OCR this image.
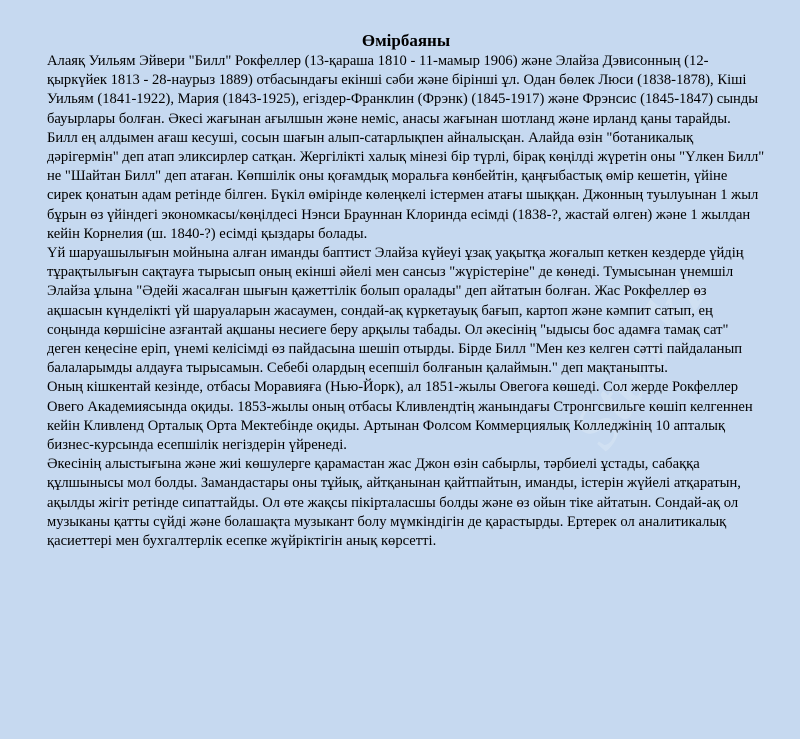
Stud.kz
Өмірбаяны

Алаяқ Уильям Эйвери "Билл" Рокфеллер (13-қараша 1810 - 11-мамыр 1906) және Элайза Дэвисонның (12-қыркүйек 1813 - 28-наурыз 1889) отбасындағы екінші сәби және бірінші ұл. Одан бөлек Люси (1838-1878), Кіші Уильям (1841-1922), Мария (1843-1925), егіздер-Франклин (Фрэнк) (1845-1917) және Фрэнсис (1845-1847) сынды бауырлары болған. Әкесі жағынан ағылшын және неміс, анасы жағынан шотланд және ирланд қаны тарайды. Билл ең алдымен ағаш кесуші, сосын шағын алып-сатарлықпен айналысқан. Алайда өзін "ботаникалық дәрігермін" деп атап эликсирлер сатқан. Жергілікті халық мінезі бір түрлі, бірақ көңілді жүретін оны "Үлкен Билл" не "Шайтан Билл" деп атаған. Көпшілік оны қоғамдық моральға көнбейтін, қаңғыбастық өмір кешетін, үйіне сирек қонатын адам ретінде білген. Бүкіл өмірінде көлеңкелі істермен атағы шыққан. Джонның туылуынан 1 жыл бұрын өз үйіндегі экономкасы/көңілдесі Нэнси Брауннан Клоринда есімді (1838-?, жастай өлген) және 1 жылдан кейін Корнелия (ш. 1840-?) есімді қыздары болады.

Үй шаруашылығын мойнына алған иманды баптист Элайза күйеуі ұзақ уақытқа жоғалып кеткен кездерде үйдің тұрақтылығын сақтауға тырысып оның екінші әйелі мен сансыз "жүрістеріне" де көнеді. Тумысынан үнемшіл Элайза ұлына "Әдейі жасалған шығын қажеттілік болып оралады" деп айтатын болған. Жас Рокфеллер өз ақшасын күнделікті үй шаруаларын жасаумен, сондай-ақ күркетауық бағып, картоп және кәмпит сатып, ең соңында көршісіне азғантай ақшаны несиеге беру арқылы табады. Ол әкесінің "ыдысы бос адамға тамақ сат" деген кеңесіне еріп, үнемі келісімді өз пайдасына шешіп отырды. Бірде Билл "Мен кез келген сәтті пайдаланып балаларымды алдауға тырысамын. Себебі олардың есепшіл болғанын қалаймын." деп мақтаныпты.

Оның кішкентай кезінде, отбасы Моравияға (Нью-Йорк), ал 1851-жылы Овегоға көшеді. Сол жерде Рокфеллер Овего Академиясында оқиды. 1853-жылы оның отбасы Кливлендтің жанындағы Стронгсвильге көшіп келгеннен кейін Кливленд Орталық Орта Мектебінде оқиды. Артынан Фолсом Коммерциялық Колледжінің 10 апталық бизнес-курсында есепшілік негіздерін үйренеді.

Әкесінің алыстығына және жиі көшулерге қарамастан жас Джон өзін сабырлы, тәрбиелі ұстады, сабаққа құлшынысы мол болды. Замандастары оны тұйық, айтқанынан қайтпайтын, иманды, істерін жүйелі атқаратын, ақылды жігіт ретінде сипаттайды. Ол өте жақсы пікірталасшы болды және өз ойын тіке айтатын. Сондай-ақ ол музыканы қатты сүйді және болашақта музыкант болу мүмкіндігін де қарастырды. Ертерек ол аналитикалық қасиеттері мен бухгалтерлік есепке жүйріктігін анық көрсетті.
